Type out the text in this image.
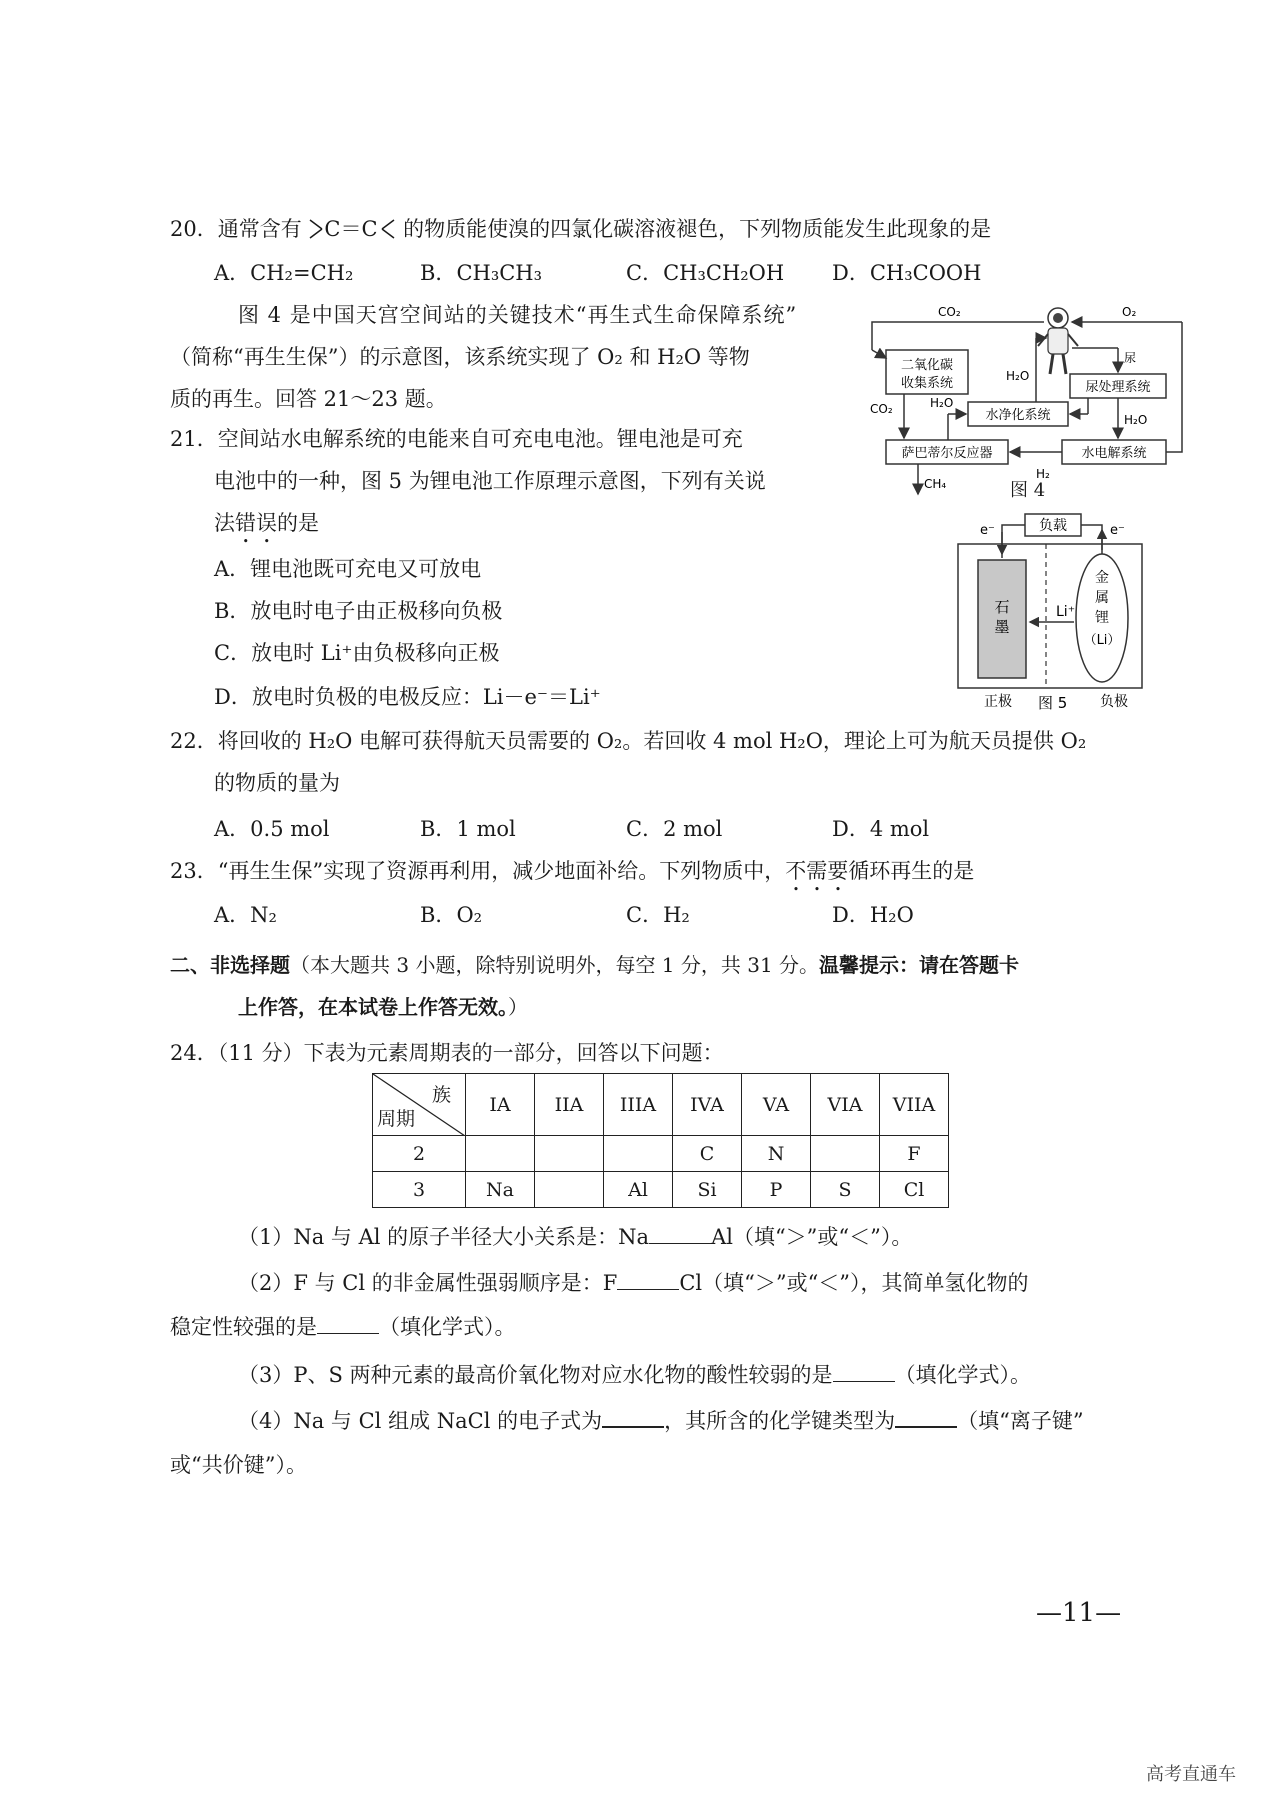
20．通常含有 C＝C 的物质能使溴的四氯化碳溶液褪色，下列物质能发生此现象的是
A．CH₂=CH₂	B．CH₃CH₃	C．CH₃CH₂OH D．CH₃COOH
图 4 是中国天宫空间站的关键技术“再生式生命保障系统”
（简称“再生生保”）的示意图，该系统实现了 O₂ 和 H₂O 等物
质的再生。回答 21～23 题。
二氧化碳
收集系统	尿处理系统
水净化系统
萨巴蒂尔反应器	水电解系统
CO₂	O₂
尿
H₂O
H₂O
CO₂	H₂O
H₂
CH₄	图 4
21．空间站水电解系统的电能来自可充电电池。锂电池是可充
电池中的一种，图 5 为锂电池工作原理示意图，下列有关说
法错误的是
A．锂电池既可充电又可放电
B．放电时电子由正极移向负极
C．放电时 Li⁺由负极移向正极
D．放电时负极的电极反应：Li－e⁻＝Li⁺
负载
e⁻	e⁻
石
墨
Li⁺
金
属
锂
（Li）
正极	负极
图 5
22．将回收的 H₂O 电解可获得航天员需要的 O₂。若回收 4 mol H₂O，理论上可为航天员提供 O₂
的物质的量为
A．0.5 mol	B．1 mol	C．2 mol	D．4 mol
23．“再生生保”实现了资源再利用，减少地面补给。下列物质中，不需要循环再生的是
A．N₂	B．O₂	C．H₂	D．H₂O
二、非选择题（本大题共 3 小题，除特别说明外，每空 1 分，共 31 分。温馨提示：请在答题卡
上作答，在本试卷上作答无效。）
24．（11 分）下表为元素周期表的一部分，回答以下问题：
族
周期	IA	IIA	IIIA	IVA	VA	VIA	VIIA
2				C	N		F
3	Na		Al	Si	P	S	Cl
（1）Na 与 Al 的原子半径大小关系是：Na	Al（填“＞”或“＜”）。
（2）F 与 Cl 的非金属性强弱顺序是：F	Cl（填“＞”或“＜”），其简单氢化物的
稳定性较强的是	（填化学式）。
（3）P、S 两种元素的最高价氧化物对应水化物的酸性较弱的是	（填化学式）。
（4）Na 与 Cl 组成 NaCl 的电子式为	，其所含的化学键类型为	（填“离子键”
或“共价键”）。
—11—
高考直通车
